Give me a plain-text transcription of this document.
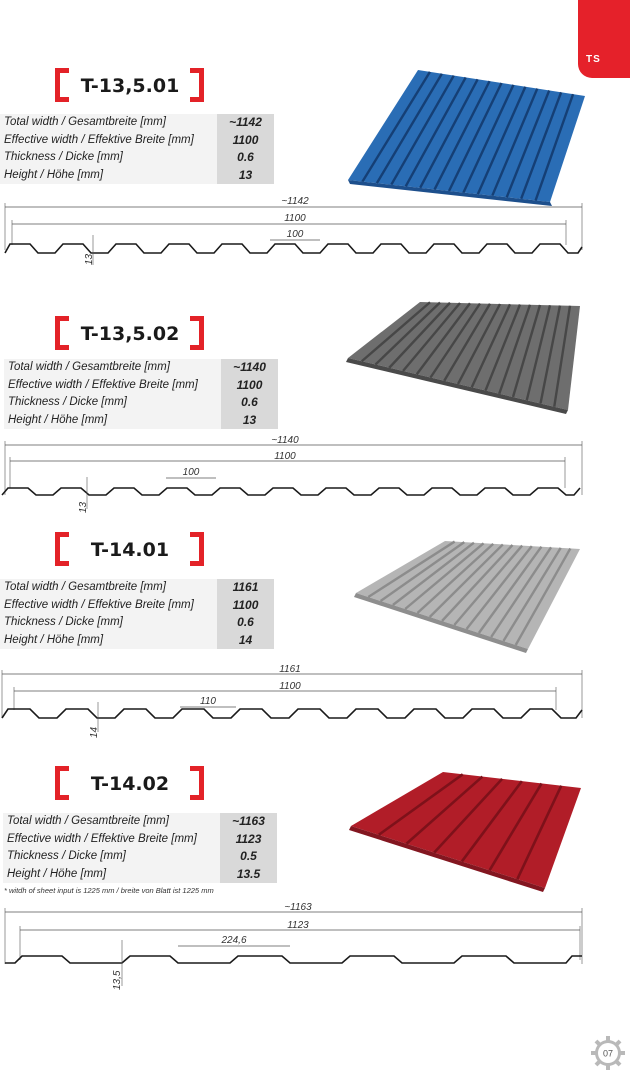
TS
T-13,5.01
Total width / Gesamtbreite [mm]	~1142
Effective width / Effektive Breite [mm]	1100
Thickness / Dicke [mm]	0.6
Height / Höhe [mm]	13
~1142
1100
100
13
T-13,5.02
Total width / Gesamtbreite [mm]	~1140
Effective width / Effektive Breite [mm]	1100
Thickness / Dicke [mm]	0.6
Height / Höhe [mm]	13
~1140
1100
100
13
T-14.01
Total width / Gesamtbreite [mm]	1161
Effective width / Effektive Breite [mm]	1100
Thickness / Dicke [mm]	0.6
Height / Höhe [mm]	14
1161
1100
110
14
T-14.02
Total width / Gesamtbreite [mm]	~1163
Effective width / Effektive Breite [mm]	1123
Thickness / Dicke [mm]	0.5
Height / Höhe [mm]	13.5
* witdh of sheet input is 1225 mm / breite von Blatt ist 1225 mm
~1163
1123
224,6
13,5
07
